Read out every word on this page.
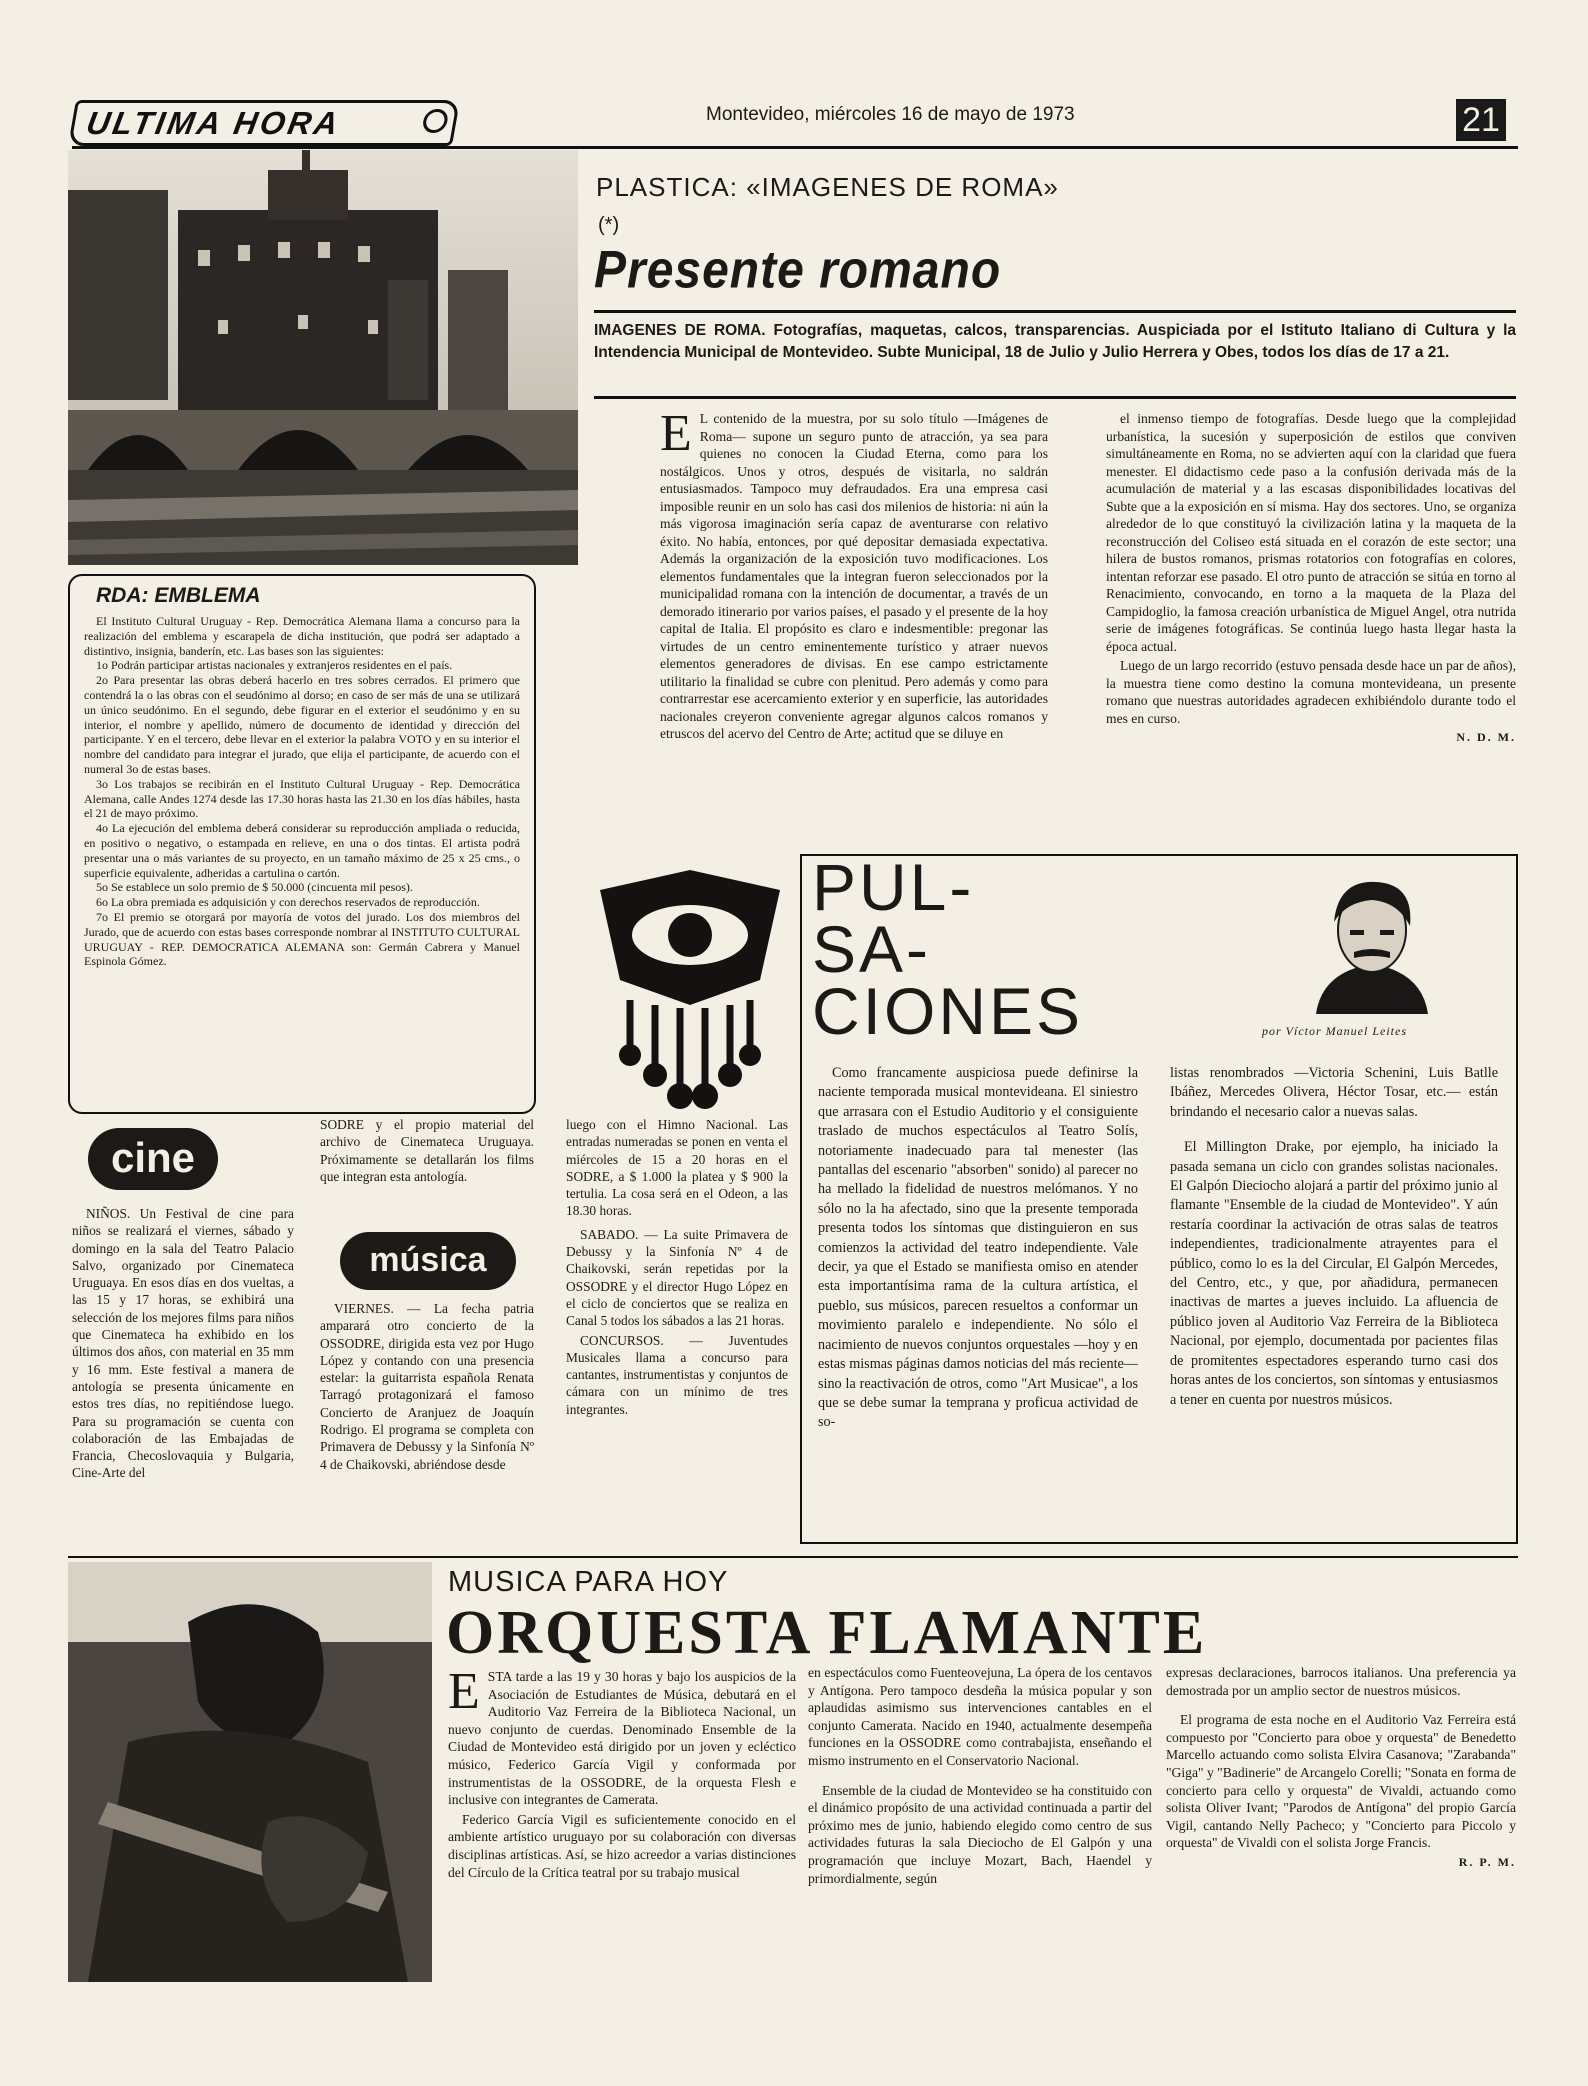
ULTIMA HORA	Montevideo, miércoles 16 de mayo de 1973	21
PLASTICA: «IMAGENES DE ROMA»
(*)
Presente romano
IMAGENES DE ROMA. Fotografías, maquetas, calcos, transparencias. Auspiciada por el Istituto Italiano di Cultura y la Intendencia Municipal de Montevideo. Subte Municipal, 18 de Julio y Julio Herrera y Obes, todos los días de 17 a 21.
E L contenido de la muestra, por su solo título —Imágenes de Roma— supone un seguro punto de atracción, ya sea para quienes no conocen la Ciudad Eterna, como para los nostálgicos. Unos y otros, después de visitarla, no saldrán entusiasmados. Tampoco muy defraudados. Era una empresa casi imposible reunir en un solo has casi dos milenios de historia: ni aún la más vigorosa imaginación sería capaz de aventurarse con relativo éxito. No había, entonces, por qué depositar demasiada expectativa. Además la organización de la exposición tuvo modificaciones. Los elementos fundamentales que la integran fueron seleccionados por la municipalidad romana con la intención de documentar, a través de un demorado itinerario por varios países, el pasado y el presente de la hoy capital de Italia. El propósito es claro e indesmentible: pregonar las virtudes de un centro eminentemente turístico y atraer nuevos elementos generadores de divisas. En ese campo estrictamente utilitario la finalidad se cubre con plenitud. Pero además y como para contrarrestar ese acercamiento exterior y en superficie, las autoridades nacionales creyeron conveniente agregar algunos calcos romanos y etruscos del acervo del Centro de Arte; actitud que se diluye en

el inmenso tiempo de fotografías. Desde luego que la complejidad urbanística, la sucesión y superposición de estilos que conviven simultáneamente en Roma, no se advierten aquí con la claridad que fuera menester. El didactismo cede paso a la confusión derivada más de la acumulación de material y a las escasas disponibilidades locativas del Subte que a la exposición en sí misma. Hay dos sectores. Uno, se organiza alrededor de lo que constituyó la civilización latina y la maqueta de la reconstrucción del Coliseo está situada en el corazón de este sector; una hilera de bustos romanos, prismas rotatorios con fotografías en colores, intentan reforzar ese pasado. El otro punto de atracción se sitúa en torno al Renacimiento, convocando, en torno a la maqueta de la Plaza del Campidoglio, la famosa creación urbanística de Miguel Angel, otra nutrida serie de imágenes fotográficas. Se continúa luego hasta llegar hasta la época actual.

Luego de un largo recorrido (estuvo pensada desde hace un par de años), la muestra tiene como destino la comuna montevideana, un presente romano que nuestras autoridades agradecen exhibiéndolo durante todo el mes en curso.

N. D. M.
RDA: EMBLEMA

El Instituto Cultural Uruguay - Rep. Democrática Alemana llama a concurso para la realización del emblema y escarapela de dicha institución, que podrá ser adaptado a distintivo, insignia, banderín, etc. Las bases son las siguientes:

1o Podrán participar artistas nacionales y extranjeros residentes en el país.

2o Para presentar las obras deberá hacerlo en tres sobres cerrados. El primero que contendrá la o las obras con el seudónimo al dorso; en caso de ser más de una se utilizará un único seudónimo. En el segundo, debe figurar en el exterior el seudónimo y en su interior, el nombre y apellido, número de documento de identidad y dirección del participante. Y en el tercero, debe llevar en el exterior la palabra VOTO y en su interior el nombre del candidato para integrar el jurado, que elija el participante, de acuerdo con el numeral 3o de estas bases.

3o Los trabajos se recibirán en el Instituto Cultural Uruguay - Rep. Democrática Alemana, calle Andes 1274 desde las 17.30 horas hasta las 21.30 en los días hábiles, hasta el 21 de mayo próximo.

4o La ejecución del emblema deberá considerar su reproducción ampliada o reducida, en positivo o negativo, o estampada en relieve, en una o dos tintas. El artista podrá presentar una o más variantes de su proyecto, en un tamaño máximo de 25 x 25 cms., o superficie equivalente, adheridas a cartulina o cartón.

5o Se establece un solo premio de $ 50.000 (cincuenta mil pesos).

6o La obra premiada es adquisición y con derechos reservados de reproducción.

7o El premio se otorgará por mayoría de votos del jurado. Los dos miembros del Jurado, que de acuerdo con estas bases corresponde nombrar al INSTITUTO CULTURAL URUGUAY - REP. DEMOCRATICA ALEMANA son: Germán Cabrera y Manuel Espinola Gómez.

PUL-
SA-
CIONES	por Víctor Manuel Leites

Como francamente auspiciosa puede definirse la naciente temporada musical montevideana. El siniestro que arrasara con el Estudio Auditorio y el consiguiente traslado de muchos espectáculos al Teatro Solís, notoriamente inadecuado para tal menester (las pantallas del escenario "absorben" sonido) al parecer no ha mellado la fidelidad de nuestros melómanos. Y no sólo no la ha afectado, sino que la presente temporada presenta todos los síntomas que distinguieron en sus comienzos la actividad del teatro independiente. Vale decir, ya que el Estado se manifiesta omiso en atender esta importantísima rama de la cultura artística, el pueblo, sus músicos, parecen resueltos a conformar un movimiento paralelo e independiente. No sólo el nacimiento de nuevos conjuntos orquestales —hoy y en estas mismas páginas damos noticias del más reciente— sino la reactivación de otros, como "Art Musicae", a los que se debe sumar la temprana y proficua actividad de so-

listas renombrados —Victoria Schenini, Luis Batlle Ibáñez, Mercedes Olivera, Héctor Tosar, etc.— están brindando el necesario calor a nuevas salas.

El Millington Drake, por ejemplo, ha iniciado la pasada semana un ciclo con grandes solistas nacionales. El Galpón Dieciocho alojará a partir del próximo junio al flamante "Ensemble de la ciudad de Montevideo". Y aún restaría coordinar la activación de otras salas de teatros independientes, tradicionalmente atrayentes para el público, como lo es la del Circular, El Galpón Mercedes, del Centro, etc., y que, por añadidura, permanecen inactivas de martes a jueves incluido. La afluencia de público joven al Auditorio Vaz Ferreira de la Biblioteca Nacional, por ejemplo, documentada por pacientes filas de promitentes espectadores esperando turno casi dos horas antes de los conciertos, son síntomas y entusiasmos a tener en cuenta por nuestros músicos.

cine

NIÑOS. Un Festival de cine para niños se realizará el viernes, sábado y domingo en la sala del Teatro Palacio Salvo, organizado por Cinemateca Uruguaya. En esos días en dos vueltas, a las 15 y 17 horas, se exhibirá una selección de los mejores films para niños que Cinemateca ha exhibido en los últimos dos años, con material en 35 mm y 16 mm. Este festival a manera de antología se presenta únicamente en estos tres días, no repitiéndose luego. Para su programación se cuenta con colaboración de las Embajadas de Francia, Checoslovaquia y Bulgaria, Cine-Arte del

SODRE y el propio material del archivo de Cinemateca Uruguaya. Próximamente se detallarán los films que integran esta antología.

música

VIERNES. — La fecha patria amparará otro concierto de la OSSODRE, dirigida esta vez por Hugo López y contando con una presencia estelar: la guitarrista española Renata Tarragó protagonizará el famoso Concierto de Aranjuez de Joaquín Rodrigo. El programa se completa con Primavera de Debussy y la Sinfonía Nº 4 de Chaikovski, abriéndose desde

luego con el Himno Nacional. Las entradas numeradas se ponen en venta el miércoles de 15 a 20 horas en el SODRE, a $ 1.000 la platea y $ 900 la tertulia. La cosa será en el Odeon, a las 18.30 horas.

SABADO. — La suite Primavera de Debussy y la Sinfonía Nº 4 de Chaikovski, serán repetidas por la OSSODRE y el director Hugo López en el ciclo de conciertos que se realiza en Canal 5 todos los sábados a las 21 horas.

CONCURSOS. — Juventudes Musicales llama a concurso para cantantes, instrumentistas y conjuntos de cámara con un mínimo de tres integrantes.

MUSICA PARA HOY
ORQUESTA FLAMANTE
E STA tarde a las 19 y 30 horas y bajo los auspicios de la Asociación de Estudiantes de Música, debutará en el Auditorio Vaz Ferreira de la Biblioteca Nacional, un nuevo conjunto de cuerdas. Denominado Ensemble de la Ciudad de Montevideo está dirigido por un joven y ecléctico músico, Federico García Vigil y conformada por instrumentistas de la OSSODRE, de la orquesta Flesh e inclusive con integrantes de Camerata.

Federico García Vigil es suficientemente conocido en el ambiente artístico uruguayo por su colaboración con diversas disciplinas artísticas. Así, se hizo acreedor a varias distinciones del Círculo de la Crítica teatral por su trabajo musical

en espectáculos como Fuenteovejuna, La ópera de los centavos y Antígona. Pero tampoco desdeña la música popular y son aplaudidas asimismo sus intervenciones cantables en el conjunto Camerata. Nacido en 1940, actualmente desempeña funciones en la OSSODRE como contrabajista, enseñando el mismo instrumento en el Conservatorio Nacional.

Ensemble de la ciudad de Montevideo se ha constituido con el dinámico propósito de una actividad continuada a partir del próximo mes de junio, habiendo elegido como centro de sus actividades futuras la sala Dieciocho de El Galpón y una programación que incluye Mozart, Bach, Haendel y primordialmente, según

expresas declaraciones, barrocos italianos. Una preferencia ya demostrada por un amplio sector de nuestros músicos.

El programa de esta noche en el Auditorio Vaz Ferreira está compuesto por "Concierto para oboe y orquesta" de Benedetto Marcello actuando como solista Elvira Casanova; "Zarabanda" "Giga" y "Badinerie" de Arcangelo Corelli; "Sonata en forma de concierto para cello y orquesta" de Vivaldi, actuando como solista Oliver Ivant; "Parodos de Antígona" del propio García Vigil, cantando Nelly Pacheco; y "Concierto para Piccolo y orquesta" de Vivaldi con el solista Jorge Francis.

R. P. M.
